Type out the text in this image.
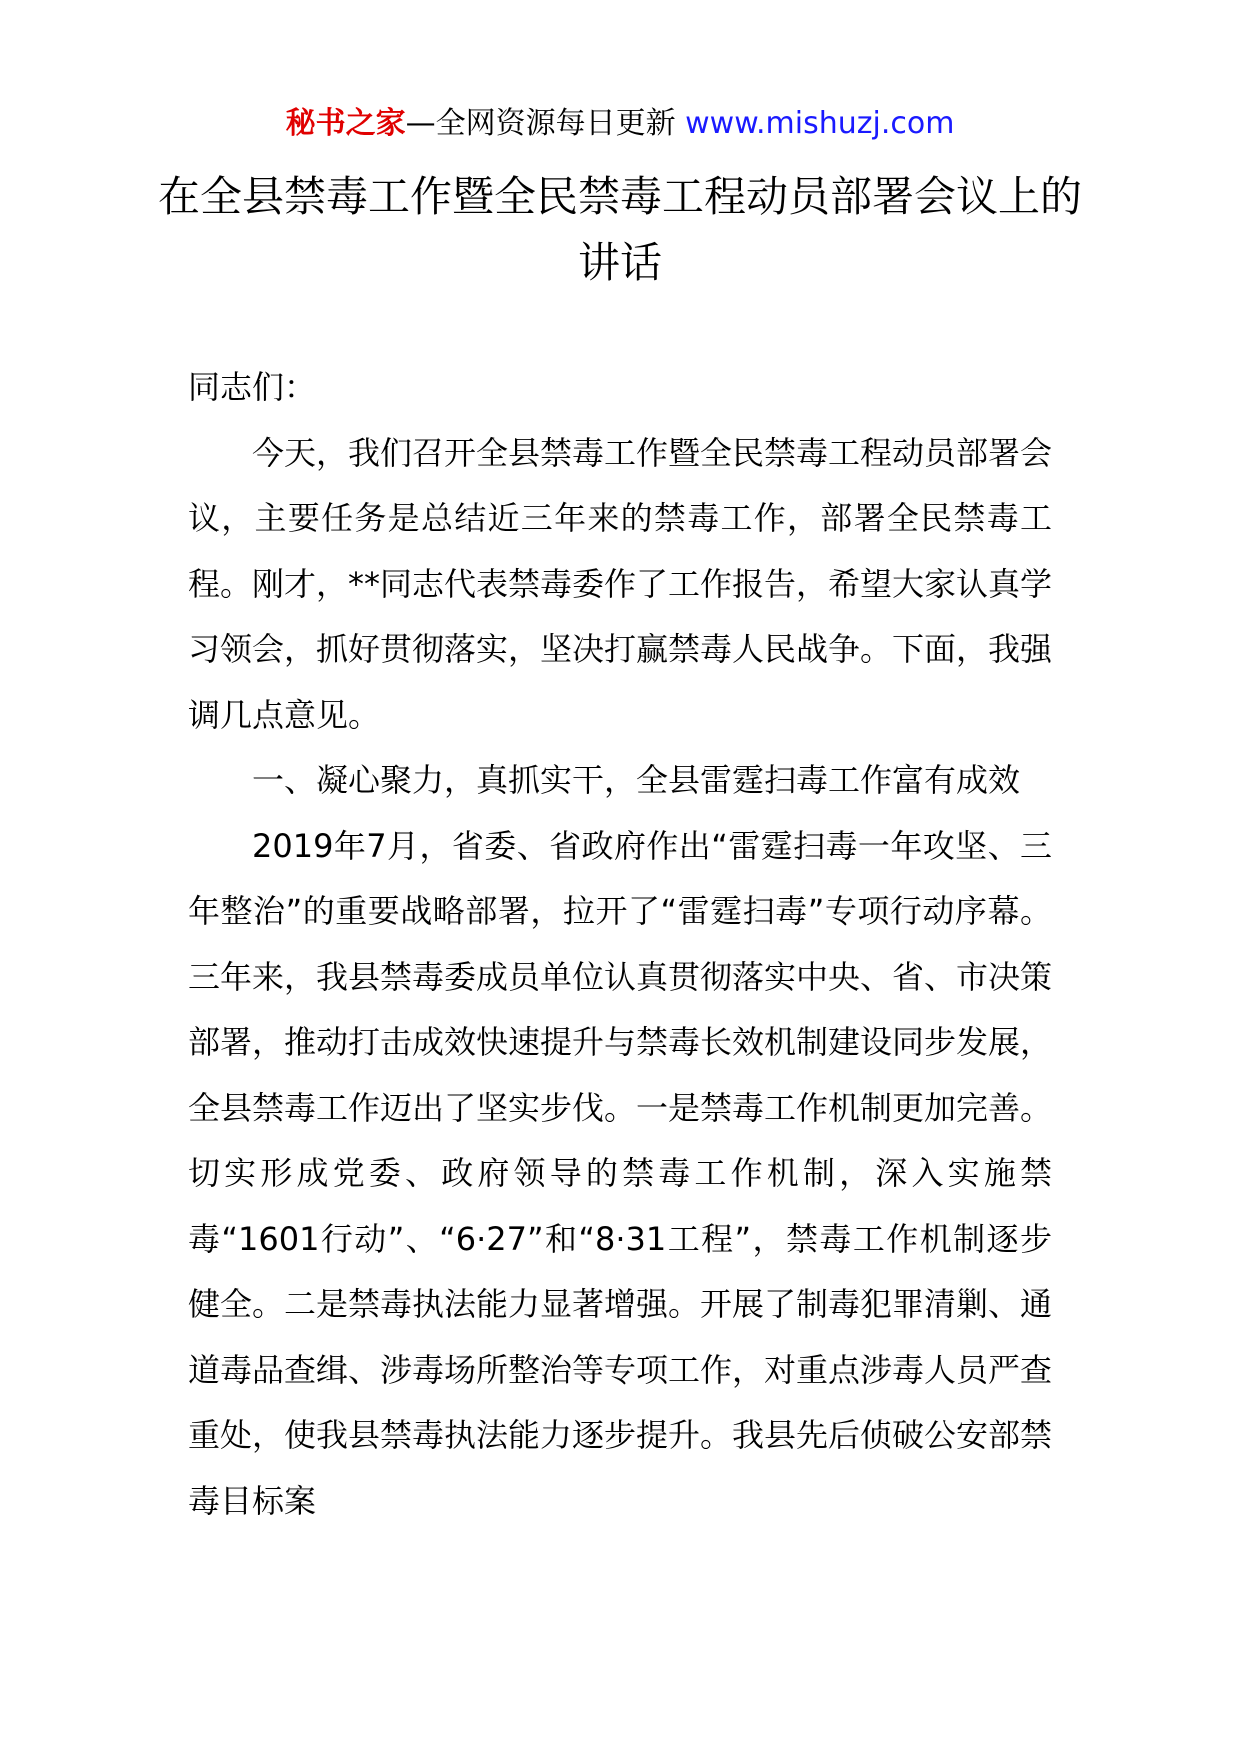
秘书之家—全网资源每日更新 www.mishuzj.com
在全县禁毒工作暨全民禁毒工程动员部署会议上的讲话

同志们：

今天，我们召开全县禁毒工作暨全民禁毒工程动员部署会议，主要任务是总结近三年来的禁毒工作，部署全民禁毒工程。刚才，**同志代表禁毒委作了工作报告，希望大家认真学习领会，抓好贯彻落实，坚决打赢禁毒人民战争。下面，我强调几点意见。

一、凝心聚力，真抓实干，全县雷霆扫毒工作富有成效

2019年7月，省委、省政府作出“雷霆扫毒一年攻坚、三年整治”的重要战略部署，拉开了“雷霆扫毒”专项行动序幕。三年来，我县禁毒委成员单位认真贯彻落实中央、省、市决策部署，推动打击成效快速提升与禁毒长效机制建设同步发展，全县禁毒工作迈出了坚实步伐。一是禁毒工作机制更加完善。切实形成党委、政府领导的禁毒工作机制，深入实施禁毒“1601行动”、“6·27”和“8·31工程”，禁毒工作机制逐步健全。二是禁毒执法能力显著增强。开展了制毒犯罪清剿、通道毒品查缉、涉毒场所整治等专项工作，对重点涉毒人员严查重处，使我县禁毒执法能力逐步提升。我县先后侦破公安部禁毒目标案
